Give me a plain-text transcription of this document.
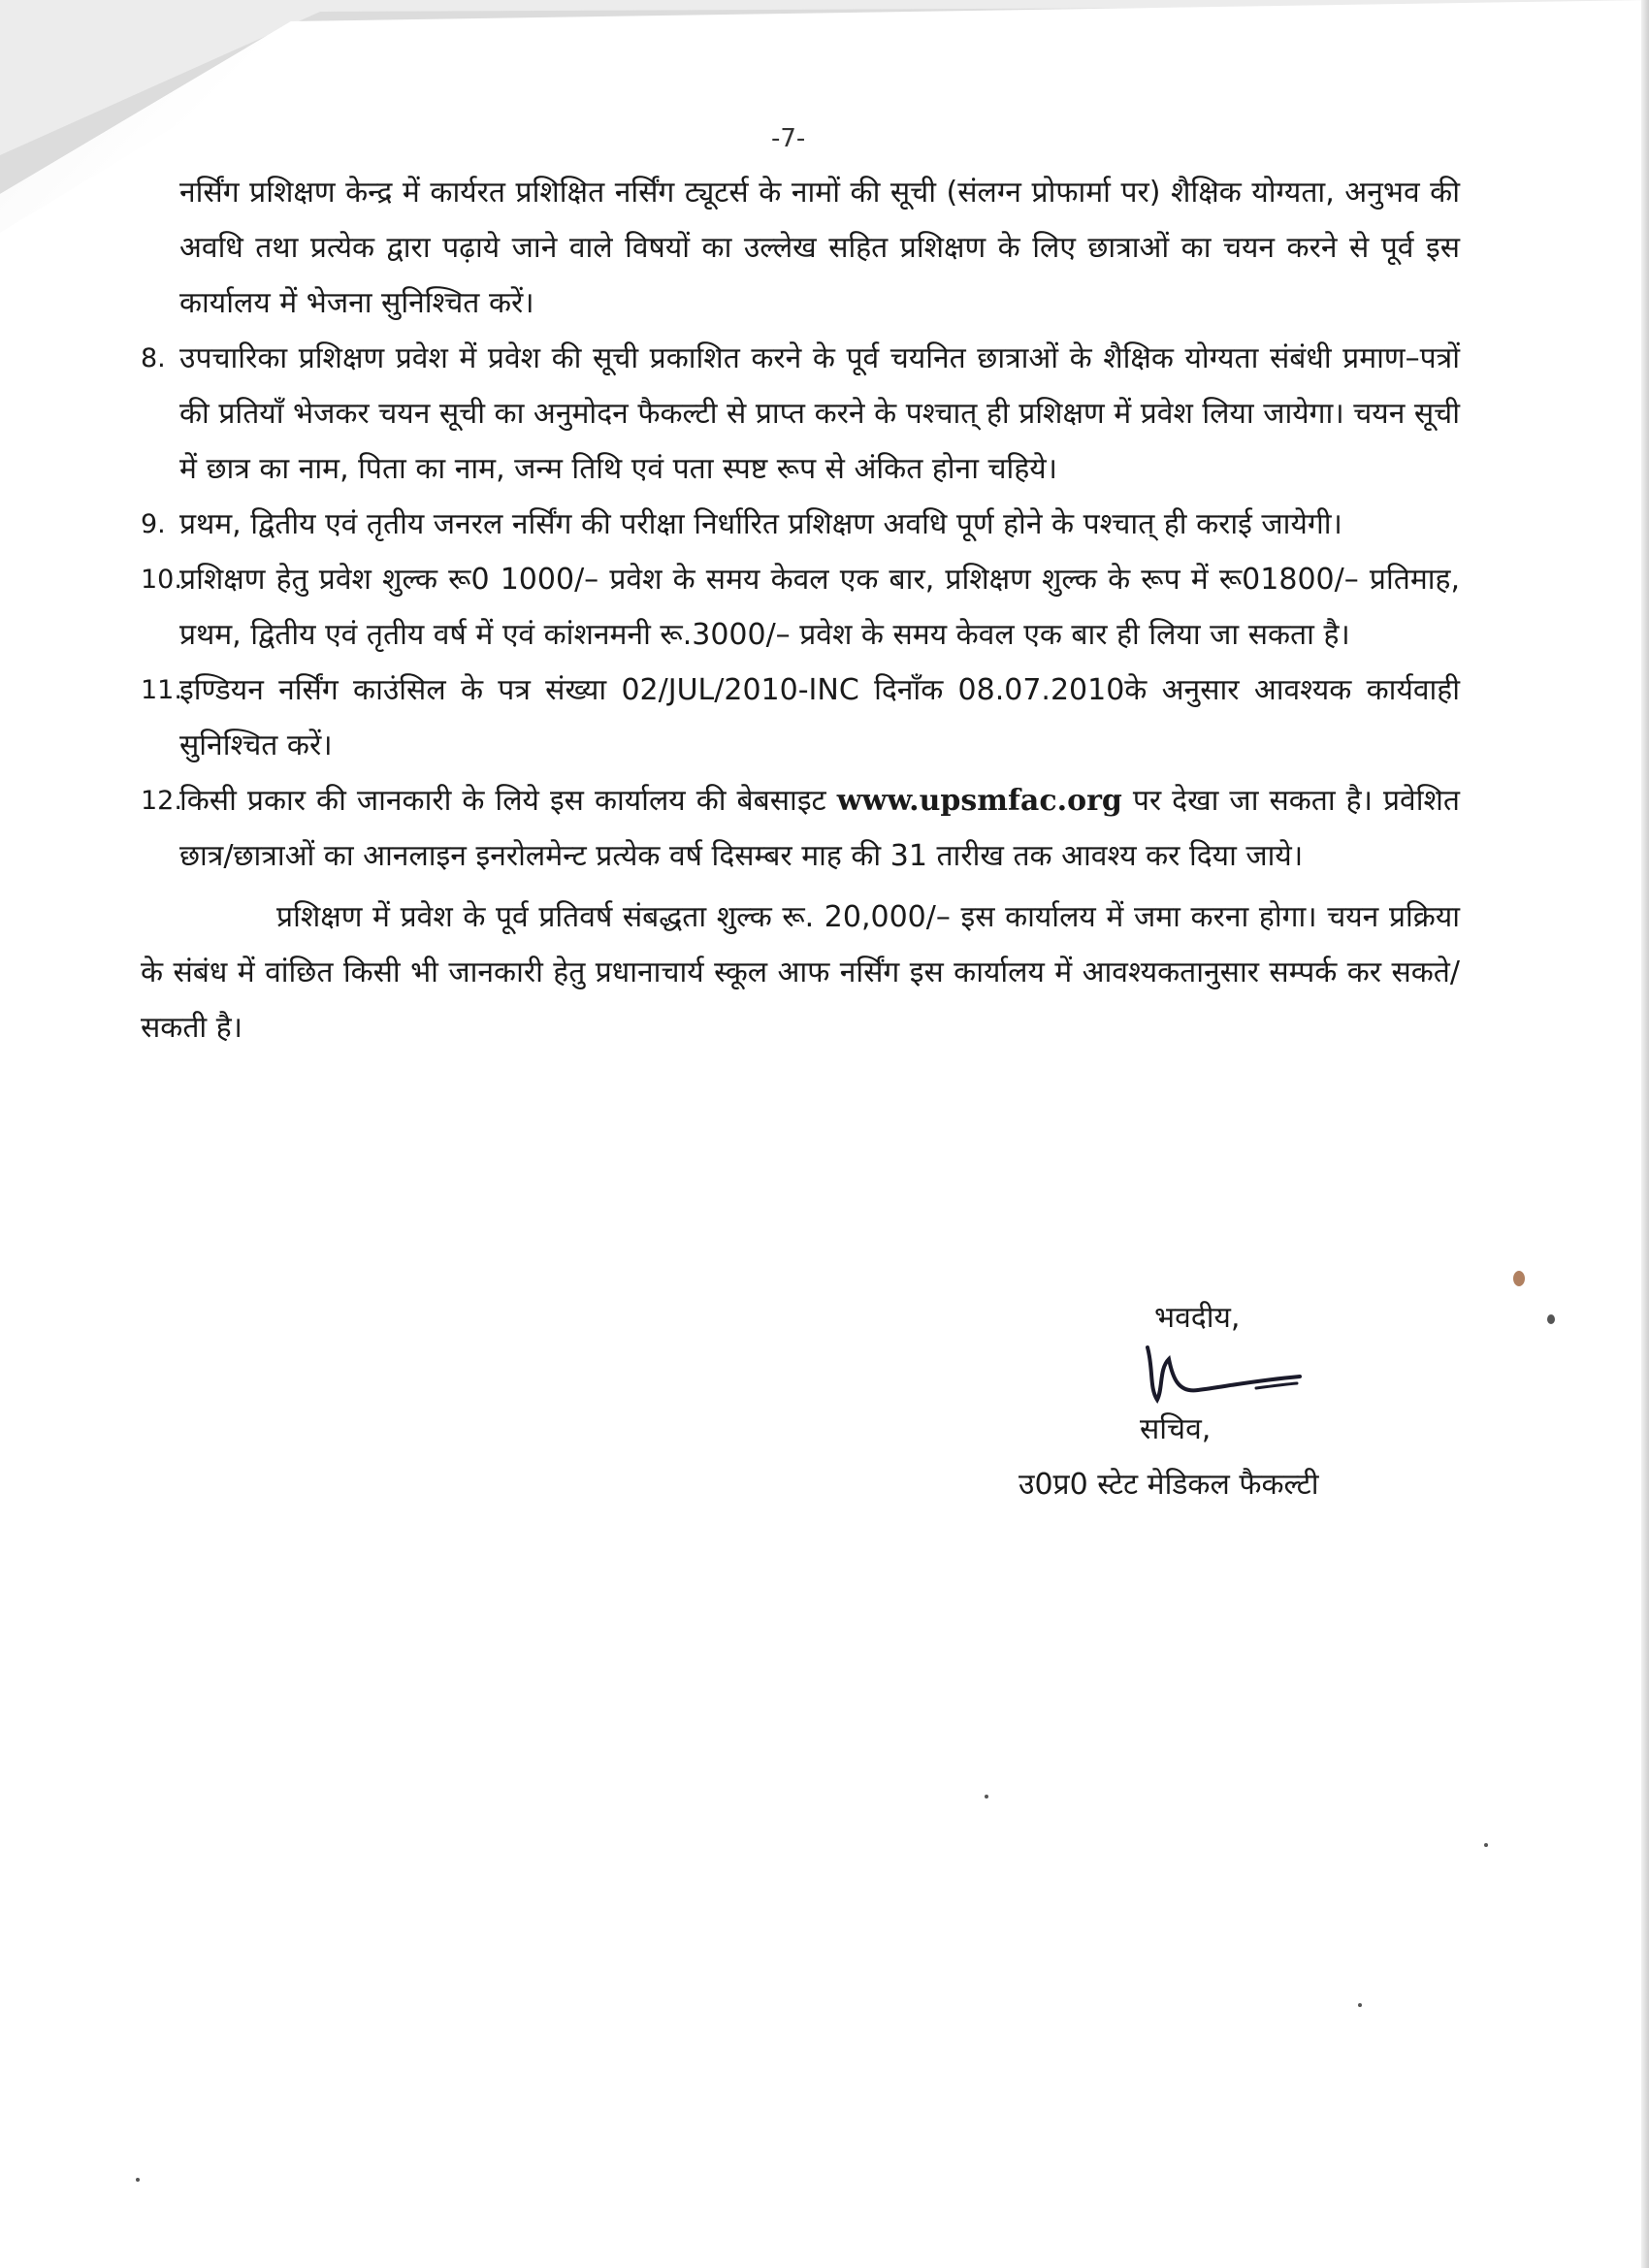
-7-

नर्सिंग प्रशिक्षण केन्द्र में कार्यरत प्रशिक्षित नर्सिंग ट्यूटर्स के नामों की सूची (संलग्न प्रोफार्मा पर) शैक्षिक योग्यता, अनुभव की अवधि तथा प्रत्येक द्वारा पढ़ाये जाने वाले विषयों का उल्लेख सहित प्रशिक्षण के लिए छात्राओं का चयन करने से पूर्व इस कार्यालय में भेजना सुनिश्चित करें।

8. उपचारिका प्रशिक्षण प्रवेश में प्रवेश की सूची प्रकाशित करने के पूर्व चयनित छात्राओं के शैक्षिक योग्यता संबंधी प्रमाण–पत्रों की प्रतियाँ भेजकर चयन सूची का अनुमोदन फैकल्टी से प्राप्त करने के पश्चात् ही प्रशिक्षण में प्रवेश लिया जायेगा। चयन सूची में छात्र का नाम, पिता का नाम, जन्म तिथि एवं पता स्पष्ट रूप से अंकित होना चहिये।
9. प्रथम, द्वितीय एवं तृतीय जनरल नर्सिंग की परीक्षा निर्धारित प्रशिक्षण अवधि पूर्ण होने के पश्चात् ही कराई जायेगी।
10.
प्रशिक्षण हेतु प्रवेश शुल्क रू0 1000/– प्रवेश के समय केवल एक बार, प्रशिक्षण शुल्क के रूप में रू01800/– प्रतिमाह, प्रथम, द्वितीय एवं तृतीय वर्ष में एवं कांशनमनी रू.3000/– प्रवेश के समय केवल एक बार ही लिया जा सकता है।
11.
इण्डियन नर्सिंग काउंसिल के पत्र संख्या 02/JUL/2010-INC दिनाँक 08.07.2010के अनुसार आवश्यक कार्यवाही सुनिश्चित करें।
12.
किसी प्रकार की जानकारी के लिये इस कार्यालय की बेबसाइट www.upsmfac.org पर देखा जा सकता है। प्रवेशित छात्र/छात्राओं का आनलाइन इनरोलमेन्ट प्रत्येक वर्ष दिसम्बर माह की 31 तारीख तक आवश्य कर दिया जाये।

प्रशिक्षण में प्रवेश के पूर्व प्रतिवर्ष संबद्धता शुल्क रू. 20,000/– इस कार्यालय में जमा करना होगा। चयन प्रक्रिया के संबंध में वांछित किसी भी जानकारी हेतु प्रधानाचार्य स्कूल आफ नर्सिंग इस कार्यालय में आवश्यकतानुसार सम्पर्क कर सकते/सकती है।

भवदीय,
सचिव,
उ0प्र0 स्टेट मेडिकल फैकल्टी
